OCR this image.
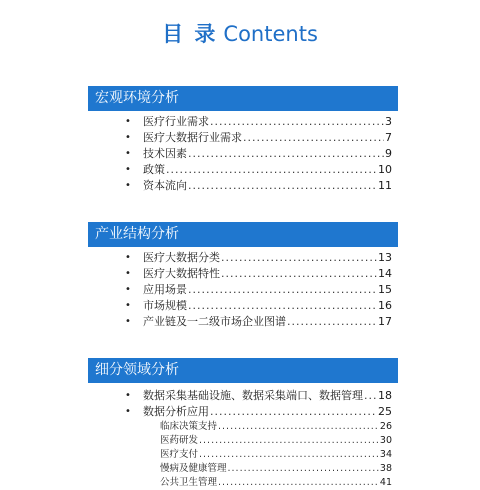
目 录 Contents
宏观环境分析
•	医疗行业需求 .....	3
•	医疗大数据行业需求 .....	7
•	技术因素 .....	9
•	政策 .....	10
•	资本流向 .....	11
产业结构分析
•	医疗大数据分类 .....	13
•	医疗大数据特性 .....	14
•	应用场景 .....	15
•	市场规模 .....	16
•	产业链及一二级市场企业图谱 .....	17
细分领域分析
•	数据采集基础设施、数据采集端口、数据管理 ..... 18
•	数据分析应用 .....	25
临床决策支持 .....	26
医药研发 .....	30
医疗支付 .....	34
慢病及健康管理 .....	38
公共卫生管理 .....	41
